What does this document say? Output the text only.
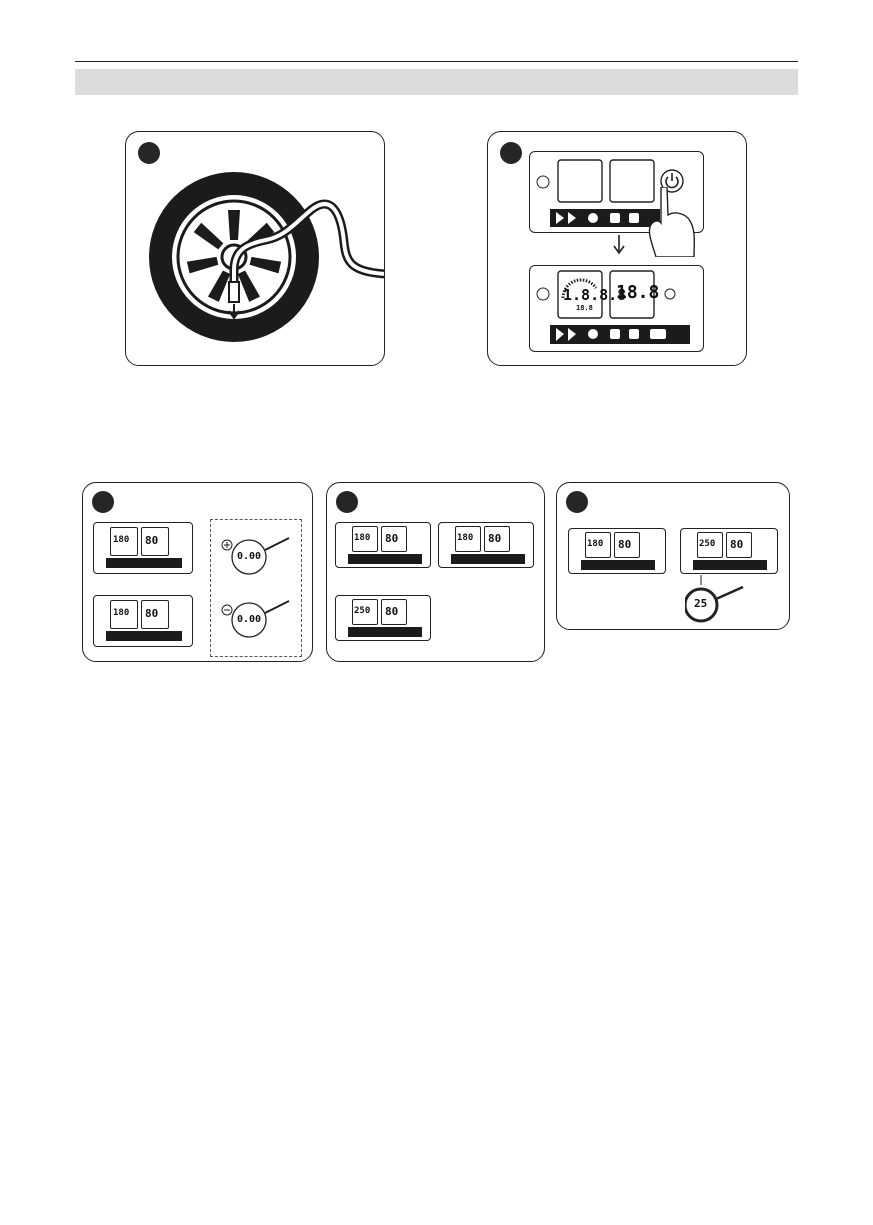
1.8.8.8
18.8
18.8
180 80
180 80
0.00
0.00
180 80	180 80
250 80
180 80	250 80
25
